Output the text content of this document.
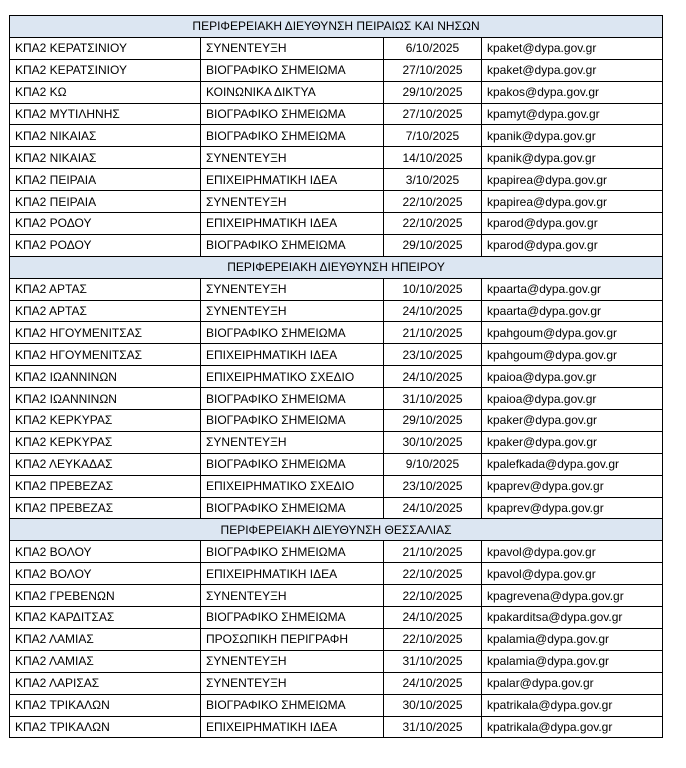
ΠΕΡΙΦΕΡΕΙΑΚΗ ΔΙΕΥΘΥΝΣΗ ΠΕΙΡΑΙΩΣ ΚΑΙ ΝΗΣΩΝ			
ΚΠΑ2 ΚΕΡΑΤΣΙΝΙΟΥ	ΣΥΝΕΝΤΕΥΞΗ	6/10/2025	kpaket@dypa.gov.gr
ΚΠΑ2 ΚΕΡΑΤΣΙΝΙΟΥ	ΒΙΟΓΡΑΦΙΚΟ ΣΗΜΕΙΩΜΑ	27/10/2025	kpaket@dypa.gov.gr
ΚΠΑ2 ΚΩ	ΚΟΙΝΩΝΙΚΑ ΔΙΚΤΥΑ	29/10/2025	kpakos@dypa.gov.gr
ΚΠΑ2 ΜΥΤΙΛΗΝΗΣ	ΒΙΟΓΡΑΦΙΚΟ ΣΗΜΕΙΩΜΑ	27/10/2025	kpamyt@dypa.gov.gr
ΚΠΑ2 ΝΙΚΑΙΑΣ	ΒΙΟΓΡΑΦΙΚΟ ΣΗΜΕΙΩΜΑ	7/10/2025	kpanik@dypa.gov.gr
ΚΠΑ2 ΝΙΚΑΙΑΣ	ΣΥΝΕΝΤΕΥΞΗ	14/10/2025	kpanik@dypa.gov.gr
ΚΠΑ2 ΠΕΙΡΑΙΑ	ΕΠΙΧΕΙΡΗΜΑΤΙΚΗ ΙΔΕΑ	3/10/2025	kpapirea@dypa.gov.gr
ΚΠΑ2 ΠΕΙΡΑΙΑ	ΣΥΝΕΝΤΕΥΞΗ	22/10/2025	kpapirea@dypa.gov.gr
ΚΠΑ2 ΡΟΔΟΥ	ΕΠΙΧΕΙΡΗΜΑΤΙΚΗ ΙΔΕΑ	22/10/2025	kparod@dypa.gov.gr
ΚΠΑ2 ΡΟΔΟΥ	ΒΙΟΓΡΑΦΙΚΟ ΣΗΜΕΙΩΜΑ	29/10/2025	kparod@dypa.gov.gr
ΠΕΡΙΦΕΡΕΙΑΚΗ ΔΙΕΥΘΥΝΣΗ ΗΠΕΙΡΟΥ			
ΚΠΑ2 ΑΡΤΑΣ	ΣΥΝΕΝΤΕΥΞΗ	10/10/2025	kpaarta@dypa.gov.gr
ΚΠΑ2 ΑΡΤΑΣ	ΣΥΝΕΝΤΕΥΞΗ	24/10/2025	kpaarta@dypa.gov.gr
ΚΠΑ2 ΗΓΟΥΜΕΝΙΤΣΑΣ	ΒΙΟΓΡΑΦΙΚΟ ΣΗΜΕΙΩΜΑ	21/10/2025	kpahgoum@dypa.gov.gr
ΚΠΑ2 ΗΓΟΥΜΕΝΙΤΣΑΣ	ΕΠΙΧΕΙΡΗΜΑΤΙΚΗ ΙΔΕΑ	23/10/2025	kpahgoum@dypa.gov.gr
ΚΠΑ2 ΙΩΑΝΝΙΝΩΝ	ΕΠΙΧΕΙΡΗΜΑΤΙΚΟ ΣΧΕΔΙΟ	24/10/2025	kpaioa@dypa.gov.gr
ΚΠΑ2 ΙΩΑΝΝΙΝΩΝ	ΒΙΟΓΡΑΦΙΚΟ ΣΗΜΕΙΩΜΑ	31/10/2025	kpaioa@dypa.gov.gr
ΚΠΑ2 ΚΕΡΚΥΡΑΣ	ΒΙΟΓΡΑΦΙΚΟ ΣΗΜΕΙΩΜΑ	29/10/2025	kpaker@dypa.gov.gr
ΚΠΑ2 ΚΕΡΚΥΡΑΣ	ΣΥΝΕΝΤΕΥΞΗ	30/10/2025	kpaker@dypa.gov.gr
ΚΠΑ2 ΛΕΥΚΑΔΑΣ	ΒΙΟΓΡΑΦΙΚΟ ΣΗΜΕΙΩΜΑ	9/10/2025	kpalefkada@dypa.gov.gr
ΚΠΑ2 ΠΡΕΒΕΖΑΣ	ΕΠΙΧΕΙΡΗΜΑΤΙΚΟ ΣΧΕΔΙΟ	23/10/2025	kpaprev@dypa.gov.gr
ΚΠΑ2 ΠΡΕΒΕΖΑΣ	ΒΙΟΓΡΑΦΙΚΟ ΣΗΜΕΙΩΜΑ	24/10/2025	kpaprev@dypa.gov.gr
ΠΕΡΙΦΕΡΕΙΑΚΗ ΔΙΕΥΘΥΝΣΗ ΘΕΣΣΑΛΙΑΣ			
ΚΠΑ2 ΒΟΛΟΥ	ΒΙΟΓΡΑΦΙΚΟ ΣΗΜΕΙΩΜΑ	21/10/2025	kpavol@dypa.gov.gr
ΚΠΑ2 ΒΟΛΟΥ	ΕΠΙΧΕΙΡΗΜΑΤΙΚΗ ΙΔΕΑ	22/10/2025	kpavol@dypa.gov.gr
ΚΠΑ2 ΓΡΕΒΕΝΩΝ	ΣΥΝΕΝΤΕΥΞΗ	22/10/2025	kpagrevena@dypa.gov.gr
ΚΠΑ2 ΚΑΡΔΙΤΣΑΣ	ΒΙΟΓΡΑΦΙΚΟ ΣΗΜΕΙΩΜΑ	24/10/2025	kpakarditsa@dypa.gov.gr
ΚΠΑ2 ΛΑΜΙΑΣ	ΠΡΟΣΩΠΙΚΗ ΠΕΡΙΓΡΑΦΗ	22/10/2025	kpalamia@dypa.gov.gr
ΚΠΑ2 ΛΑΜΙΑΣ	ΣΥΝΕΝΤΕΥΞΗ	31/10/2025	kpalamia@dypa.gov.gr
ΚΠΑ2 ΛΑΡΙΣΑΣ	ΣΥΝΕΝΤΕΥΞΗ	24/10/2025	kpalar@dypa.gov.gr
ΚΠΑ2 ΤΡΙΚΑΛΩΝ	ΒΙΟΓΡΑΦΙΚΟ ΣΗΜΕΙΩΜΑ	30/10/2025	kpatrikala@dypa.gov.gr
ΚΠΑ2 ΤΡΙΚΑΛΩΝ	ΕΠΙΧΕΙΡΗΜΑΤΙΚΗ ΙΔΕΑ	31/10/2025	kpatrikala@dypa.gov.gr
